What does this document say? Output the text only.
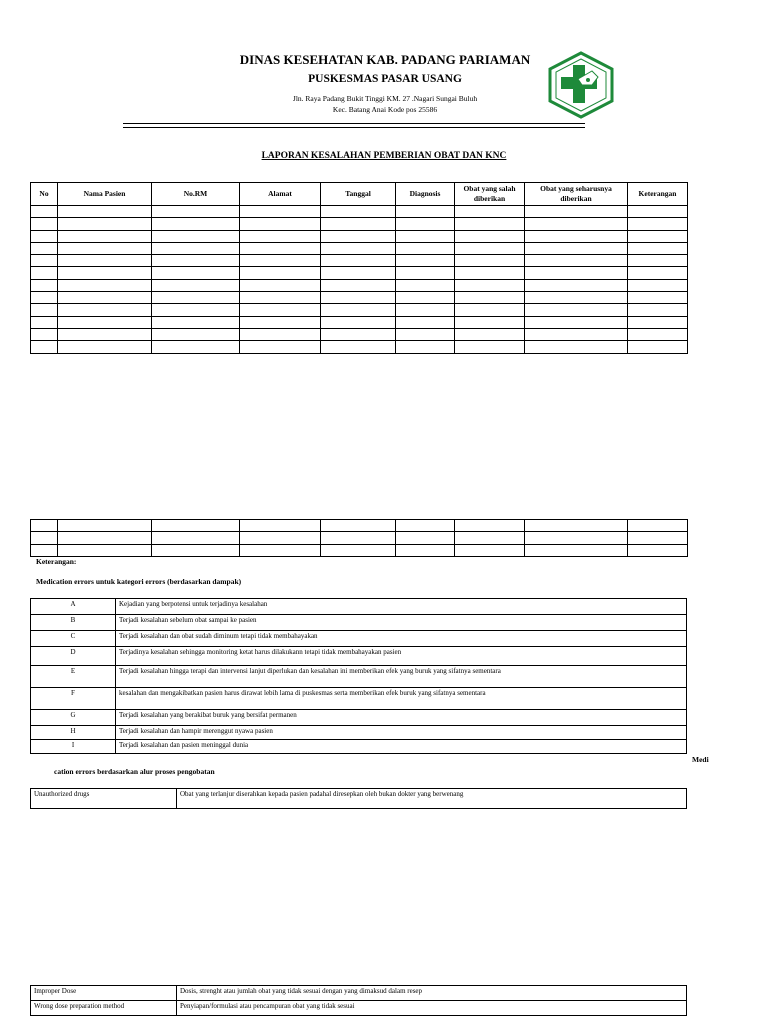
DINAS KESEHATAN KAB. PADANG PARIAMAN
PUSKESMAS PASAR USANG
Jln. Raya Padang Bukit Tinggi KM. 27 .Nagari Sungai Buluh
Kec. Batang Anai Kode pos 25586
LAPORAN KESALAHAN PEMBERIAN OBAT DAN KNC
No	Nama Pasien	No.RM	Alamat	Tanggal	Diagnosis	Obat yang salah diberikan	Obat yang seharusnya diberikan	Keterangan

Keterangan:
Medication errors untuk kategori errors (berdasarkan dampak)
A	Kejadian yang berpotensi untuk terjadinya kesalahan
B	Terjadi kesalahan sebelum obat sampai ke pasien
C	Terjadi kesalahan dan obat sudah diminum tetapi tidak membahayakan
D	Terjadinya kesalahan sehingga monitoring ketat harus dilakukann tetapi tidak membahayakan pasien
E	Terjadi kesalahan hingga terapi dan intervensi lanjut diperlukan dan kesalahan ini memberikan efek yang buruk yang sifatnya sementara
F	kesalahan dan mengakibatkan pasien harus dirawat lebih lama di puskesmas serta memberikan efek buruk yang sifatnya sementara
G	Terjadi kesalahan yang berakibat buruk yang bersifat permanen
H	Terjadi kesalahan dan hampir merenggut nyawa pasien
I	Terjadi kesalahan dan pasien meninggal dunia
Medi
cation errors berdasarkan alur proses pengobatan
Unauthorized drugs	Obat yang terlanjur diserahkan kepada pasien padahal diresepkan oleh bukan dokter yang berwenang
Improper Dose	Dosis, strenght atau jumlah obat yang tidak sesuai dengan yang dimaksud dalam resep
Wrong dose preparation method	Penyiapan/formulasi atau pencampuran obat yang tidak sesuai
